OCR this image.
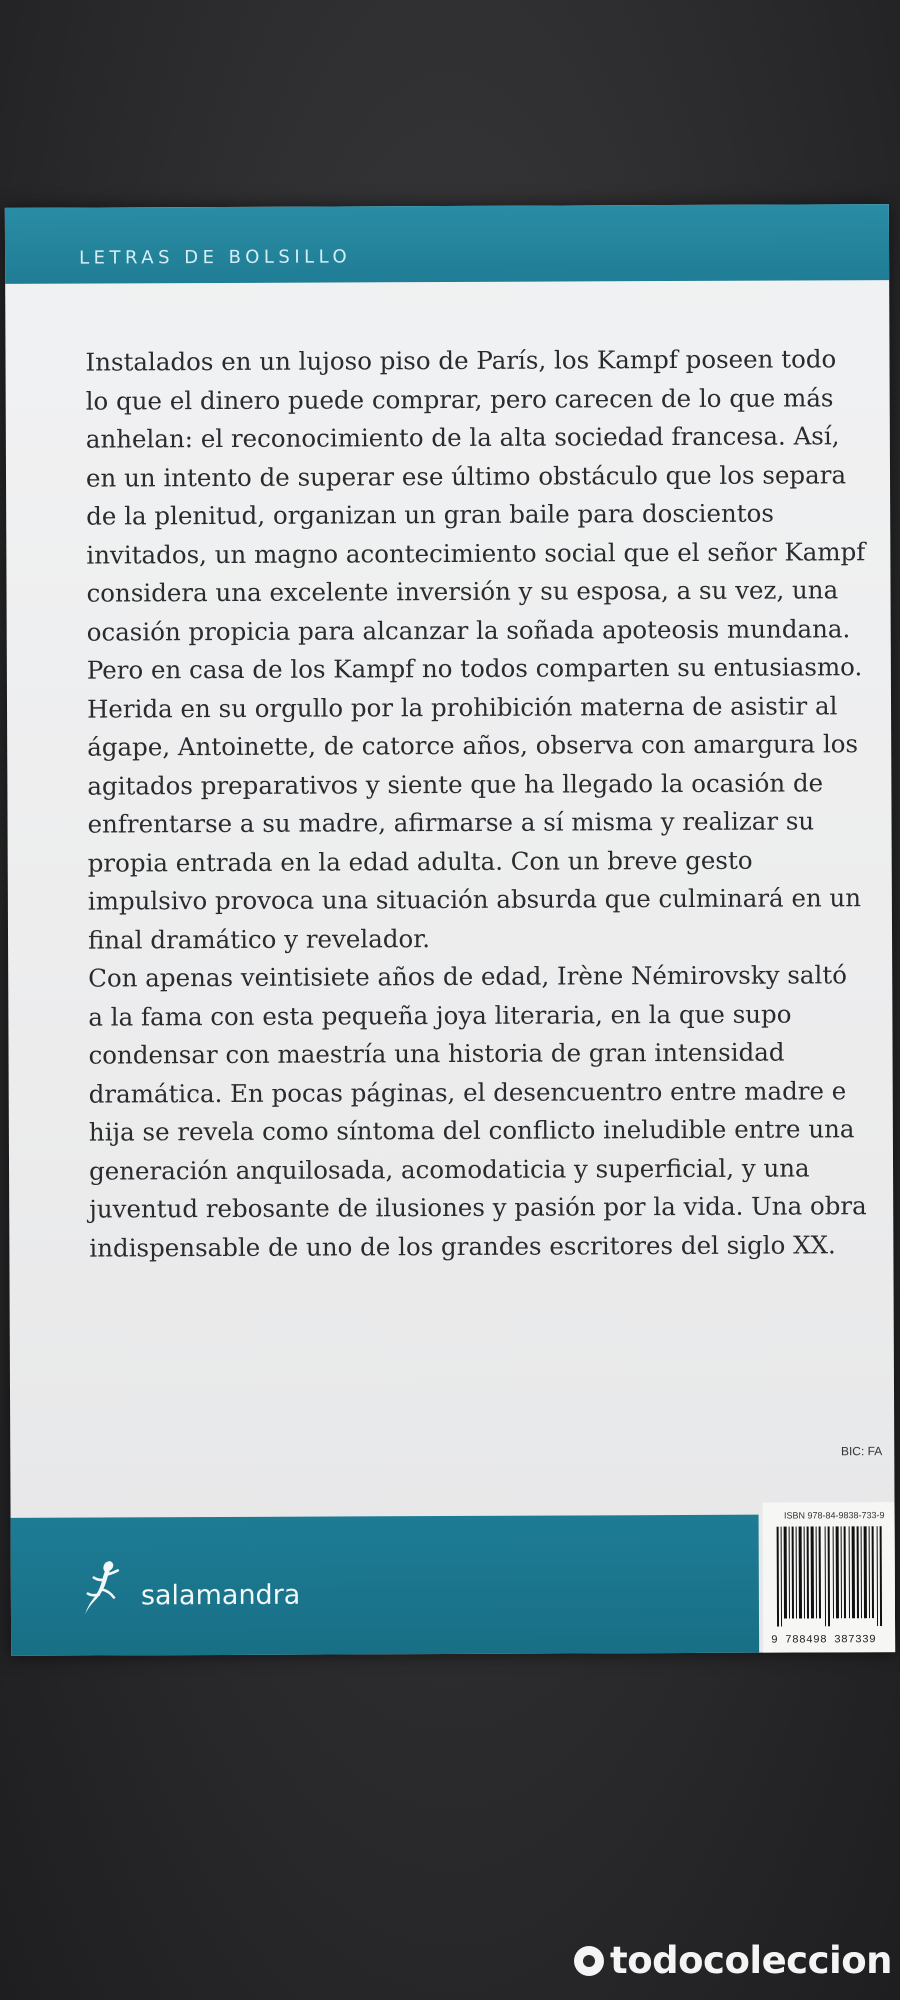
LETRAS DE BOLSILLO

Instalados en un lujoso piso de París, los Kampf poseen todo lo que el dinero puede comprar, pero carecen de lo que más anhelan: el reconocimiento de la alta sociedad francesa. Así, en un intento de superar ese último obstáculo que los separa de la plenitud, organizan un gran baile para doscientos invitados, un magno acontecimiento social que el señor Kampf considera una excelente inversión y su esposa, a su vez, una ocasión propicia para alcanzar la soñada apoteosis mundana.

Pero en casa de los Kampf no todos comparten su entusiasmo. Herida en su orgullo por la prohibición materna de asistir al ágape, Antoinette, de catorce años, observa con amargura los agitados preparativos y siente que ha llegado la ocasión de enfrentarse a su madre, afirmarse a sí misma y realizar su propia entrada en la edad adulta. Con un breve gesto impulsivo provoca una situación absurda que culminará en un final dramático y revelador.

Con apenas veintisiete años de edad, Irène Némirovsky saltó a la fama con esta pequeña joya literaria, en la que supo condensar con maestría una historia de gran intensidad dramática. En pocas páginas, el desencuentro entre madre e hija se revela como síntoma del conflicto ineludible entre una generación anquilosada, acomodaticia y superficial, y una juventud rebosante de ilusiones y pasión por la vida. Una obra indispensable de uno de los grandes escritores del siglo XX.

BIC: FA
salamandra
ISBN 978-84-9838-733-9
9 788498 387339
todocoleccion
